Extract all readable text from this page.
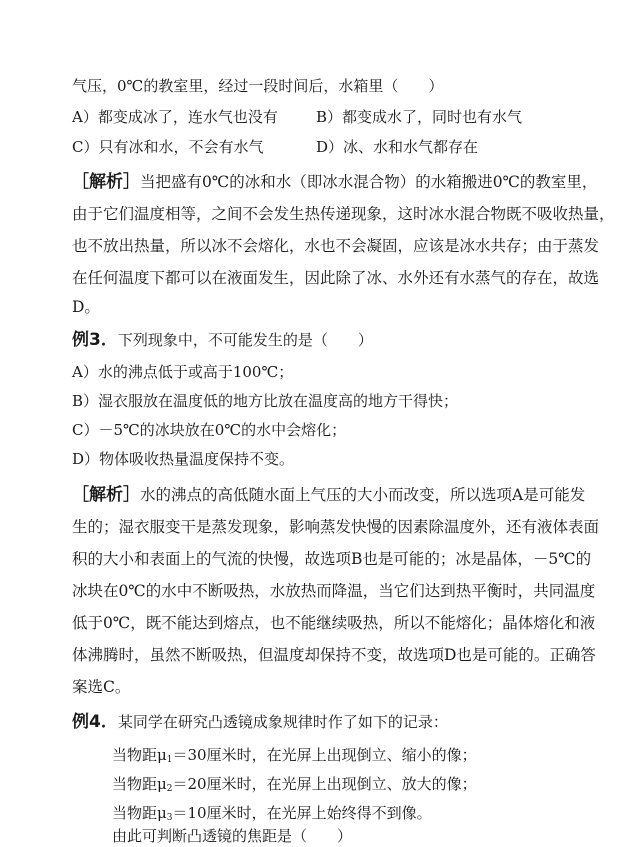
气压，0℃的教室里，经过一段时间后，水箱里（　　）
A）都变成冰了，连水气也没有	B）都变成水了，同时也有水气
C）只有冰和水，不会有水气	D）冰、水和水气都存在
［解析］当把盛有0℃的冰和水（即冰水混合物）的水箱搬进0℃的教室里，
由于它们温度相等，之间不会发生热传递现象，这时冰水混合物既不吸收热量，
也不放出热量，所以冰不会熔化，水也不会凝固，应该是冰水共存；由于蒸发
在任何温度下都可以在液面发生，因此除了冰、水外还有水蒸气的存在，故选
D。
例3．下列现象中，不可能发生的是（　　）
A）水的沸点低于或高于100℃；
B）湿衣服放在温度低的地方比放在温度高的地方干得快；
C）－5℃的冰块放在0℃的水中会熔化；
D）物体吸收热量温度保持不变。
［解析］水的沸点的高低随水面上气压的大小而改变，所以选项A是可能发
生的；湿衣服变干是蒸发现象，影响蒸发快慢的因素除温度外，还有液体表面
积的大小和表面上的气流的快慢，故选项B也是可能的；冰是晶体，－5℃的
冰块在0℃的水中不断吸热，水放热而降温，当它们达到热平衡时，共同温度
低于0℃，既不能达到熔点，也不能继续吸热，所以不能熔化；晶体熔化和液
体沸腾时，虽然不断吸热，但温度却保持不变，故选项D也是可能的。正确答
案选C。
例4．某同学在研究凸透镜成象规律时作了如下的记录：
当物距$\mu_1=30$厘米时，在光屏上出现倒立、缩小的像；
当物距$\mu_2=20$厘米时，在光屏上出现倒立、放大的像；
当物距$\mu_3=10$厘米时，在光屏上始终得不到像。
由此可判断凸透镜的焦距是（　　）
